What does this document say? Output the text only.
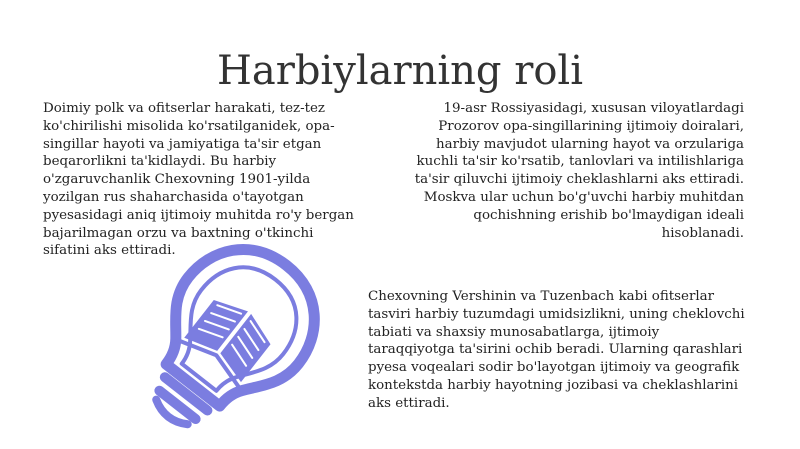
Harbiylarning roli

Doimiy polk va ofitserlar harakati, tez-tez ko'chirilishi misolida ko'rsatilganidek, opa-singillar hayoti va jamiyatiga ta'sir etgan beqarorlikni ta'kidlaydi. Bu harbiy o'zgaruvchanlik Chexovning 1901-yilda yozilgan rus shaharchasida o'tayotgan pyesasidagi aniq ijtimoiy muhitda ro'y bergan bajarilmagan orzu va baxtning o'tkinchi sifatini aks ettiradi.

19-asr Rossiyasidagi, xususan viloyatlardagi Prozorov opa-singillarining ijtimoiy doiralari, harbiy mavjudot ularning hayot va orzulariga kuchli ta'sir ko'rsatib, tanlovlari va intilishlariga ta'sir qiluvchi ijtimoiy cheklashlarni aks ettiradi. Moskva ular uchun bo'g'uvchi harbiy muhitdan qochishning erishib bo'lmaydigan ideali hisoblanadi.

Chexovning Vershinin va Tuzenbach kabi ofitserlar tasviri harbiy tuzumdagi umidsizlikni, uning cheklovchi tabiati va shaxsiy munosabatlarga, ijtimoiy taraqqiyotga ta'sirini ochib beradi. Ularning qarashlari pyesa voqealari sodir bo'layotgan ijtimoiy va geografik kontekstda harbiy hayotning jozibasi va cheklashlarini aks ettiradi.
